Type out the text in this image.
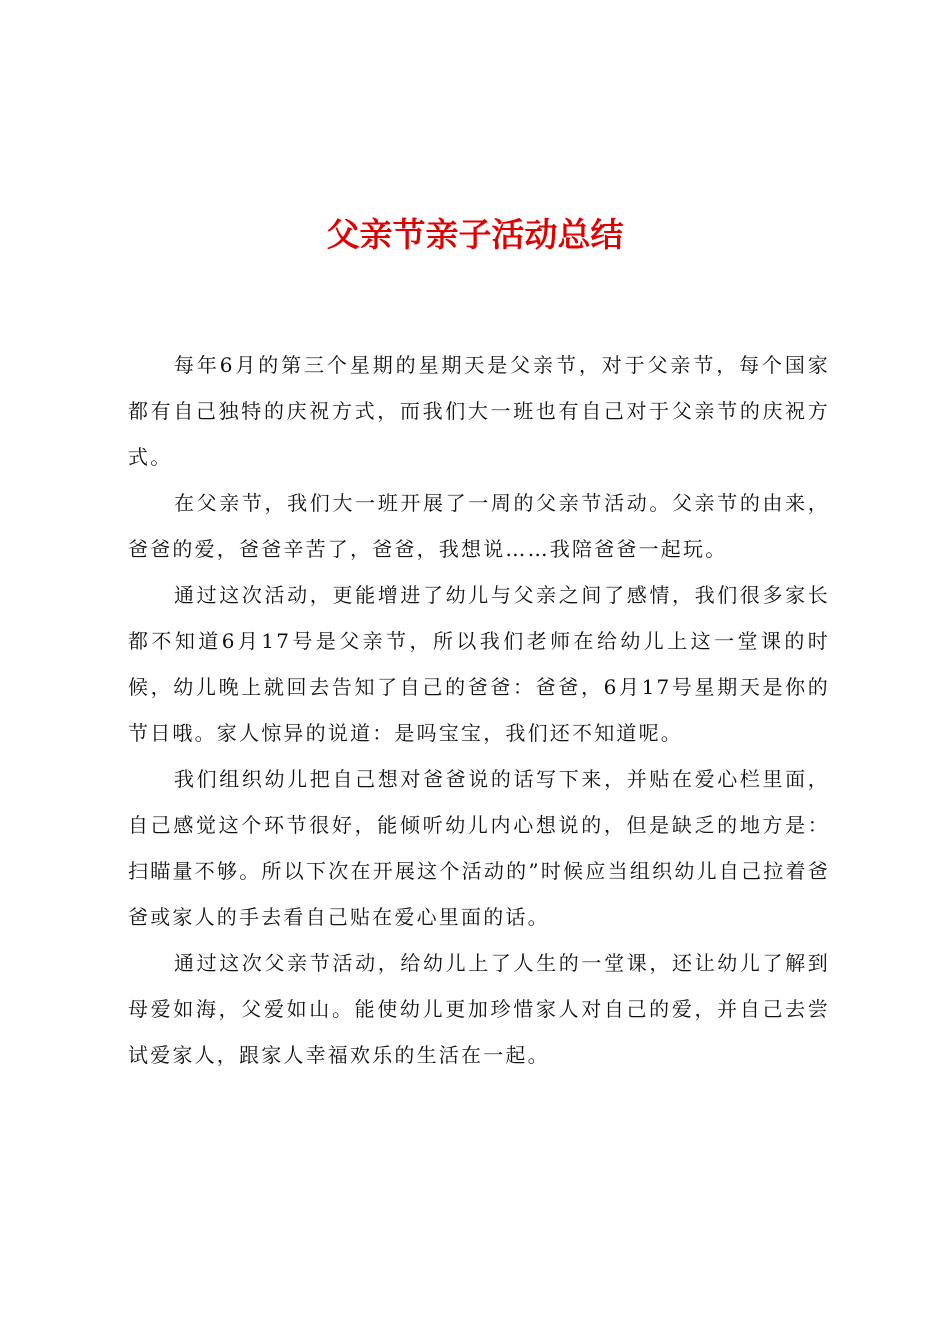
父亲节亲子活动总结

每年6月的第三个星期的星期天是父亲节，对于父亲节，每个国家都有自己独特的庆祝方式，而我们大一班也有自己对于父亲节的庆祝方式。

在父亲节，我们大一班开展了一周的父亲节活动。父亲节的由来，爸爸的爱，爸爸辛苦了，爸爸，我想说……我陪爸爸一起玩。

通过这次活动，更能增进了幼儿与父亲之间了感情，我们很多家长都不知道6月17号是父亲节，所以我们老师在给幼儿上这一堂课的时候，幼儿晚上就回去告知了自己的爸爸：爸爸，6月17号星期天是你的节日哦。家人惊异的说道：是吗宝宝，我们还不知道呢。

我们组织幼儿把自己想对爸爸说的话写下来，并贴在爱心栏里面，自己感觉这个环节很好，能倾听幼儿内心想说的，但是缺乏的地方是：扫瞄量不够。所以下次在开展这个活动的”时候应当组织幼儿自己拉着爸爸或家人的手去看自己贴在爱心里面的话。

通过这次父亲节活动，给幼儿上了人生的一堂课，还让幼儿了解到母爱如海，父爱如山。能使幼儿更加珍惜家人对自己的爱，并自己去尝试爱家人，跟家人幸福欢乐的生活在一起。
